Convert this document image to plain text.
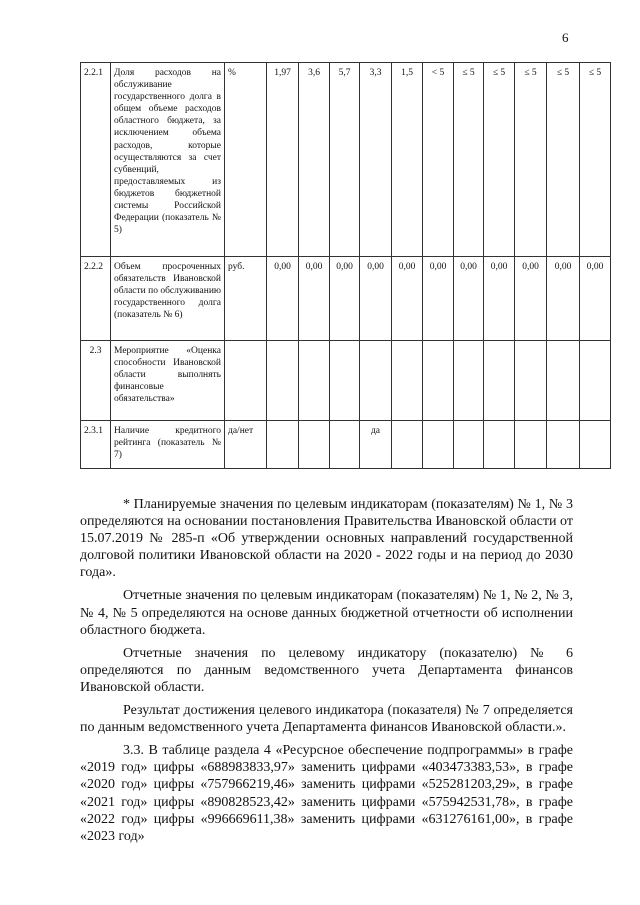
6
2.2.1	Доля расходов на обслуживание государственного долга в общем объеме расходов областного бюджета, за исключением объема расходов, которые осуществляются за счет субвенций, предоставляемых из бюджетов бюджетной системы Российской Федерации (показатель № 5)	%	1,97	3,6	5,7	3,3	1,5	< 5	≤ 5	≤ 5	≤ 5	≤ 5	≤ 5
2.2.2	Объем просроченных обязательств Ивановской области по обслуживанию государственного долга (показатель № 6)	руб.	0,00	0,00	0,00	0,00	0,00	0,00	0,00	0,00	0,00	0,00	0,00
2.3	Мероприятие «Оценка способности Ивановской области выполнять финансовые обязательства»												
2.3.1	Наличие кредитного рейтинга (показатель № 7)	да/нет				да							

* Планируемые значения по целевым индикаторам (показателям) № 1, № 3 определяются на основании постановления Правительства Ивановской области от 15.07.2019 № 285-п «Об утверждении основных направлений государственной долговой политики Ивановской области на 2020 - 2022 годы и на период до 2030 года».

Отчетные значения по целевым индикаторам (показателям) № 1, № 2, № 3, № 4, № 5 определяются на основе данных бюджетной отчетности об исполнении областного бюджета.

Отчетные значения по целевому индикатору (показателю) № 6 определяются по данным ведомственного учета Департамента финансов Ивановской области.

Результат достижения целевого индикатора (показателя) № 7 определяется по данным ведомственного учета Департамента финансов Ивановской области.».

3.3. В таблице раздела 4 «Ресурсное обеспечение подпрограммы» в графе «2019 год» цифры «688983833,97» заменить цифрами «403473383,53», в графе «2020 год» цифры «757966219,46» заменить цифрами «525281203,29», в графе «2021 год» цифры «890828523,42» заменить цифрами «575942531,78», в графе «2022 год» цифры «996669611,38» заменить цифрами «631276161,00», в графе «2023 год»
